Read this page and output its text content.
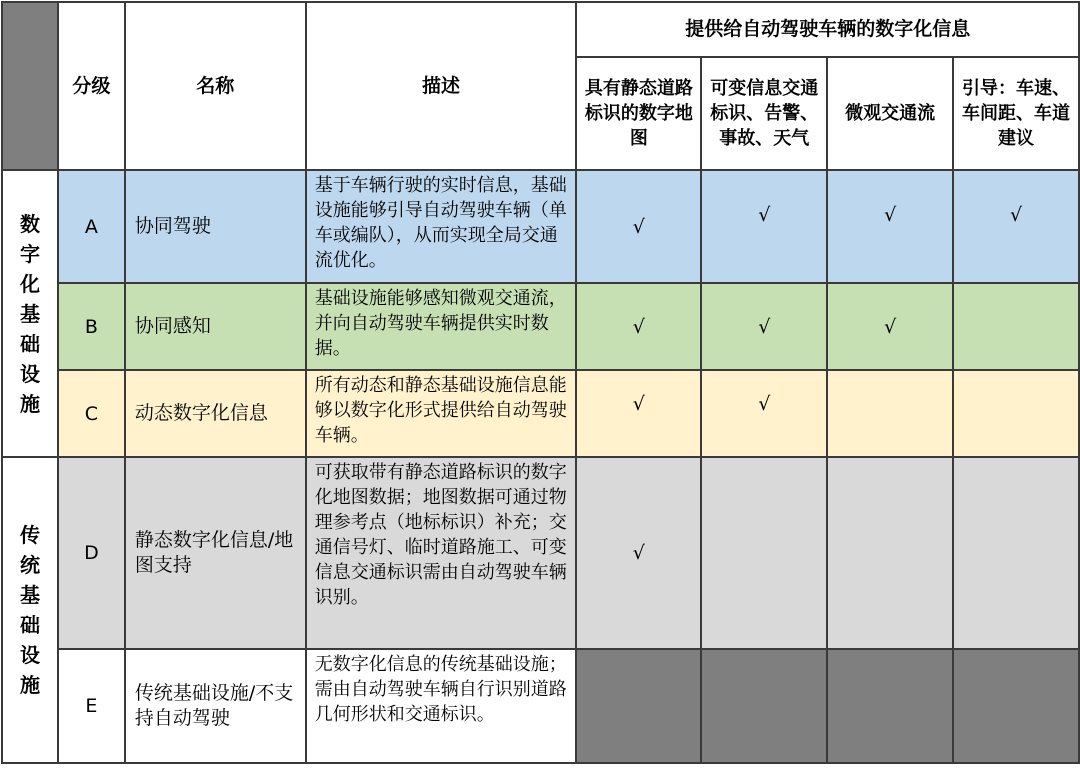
	分级	名称	描述	提供给自动驾驶车辆的数字化信息			
				具有静态道路标识的数字地图	可变信息交通标识、告警、事故、天气	微观交通流	引导：车速、车间距、车道建议

数字化基础设施	A	协同驾驶	基于车辆行驶的实时信息，基础设施能够引导自动驾驶车辆（单车或编队），从而实现全局交通流优化。	√	√	√	√
	B	协同感知	基础设施能够感知微观交通流，并向自动驾驶车辆提供实时数据。	√	√	√	
	C	动态数字化信息	所有动态和静态基础设施信息能够以数字化形式提供给自动驾驶车辆。	√	√		

传统基础设施	D	静态数字化信息/地图支持	可获取带有静态道路标识的数字化地图数据；地图数据可通过物理参考点（地标标识）补充；交通信号灯、临时道路施工、可变信息交通标识需由自动驾驶车辆识别。	√			
	E	传统基础设施/不支持自动驾驶	无数字化信息的传统基础设施；需由自动驾驶车辆自行识别道路几何形状和交通标识。				
